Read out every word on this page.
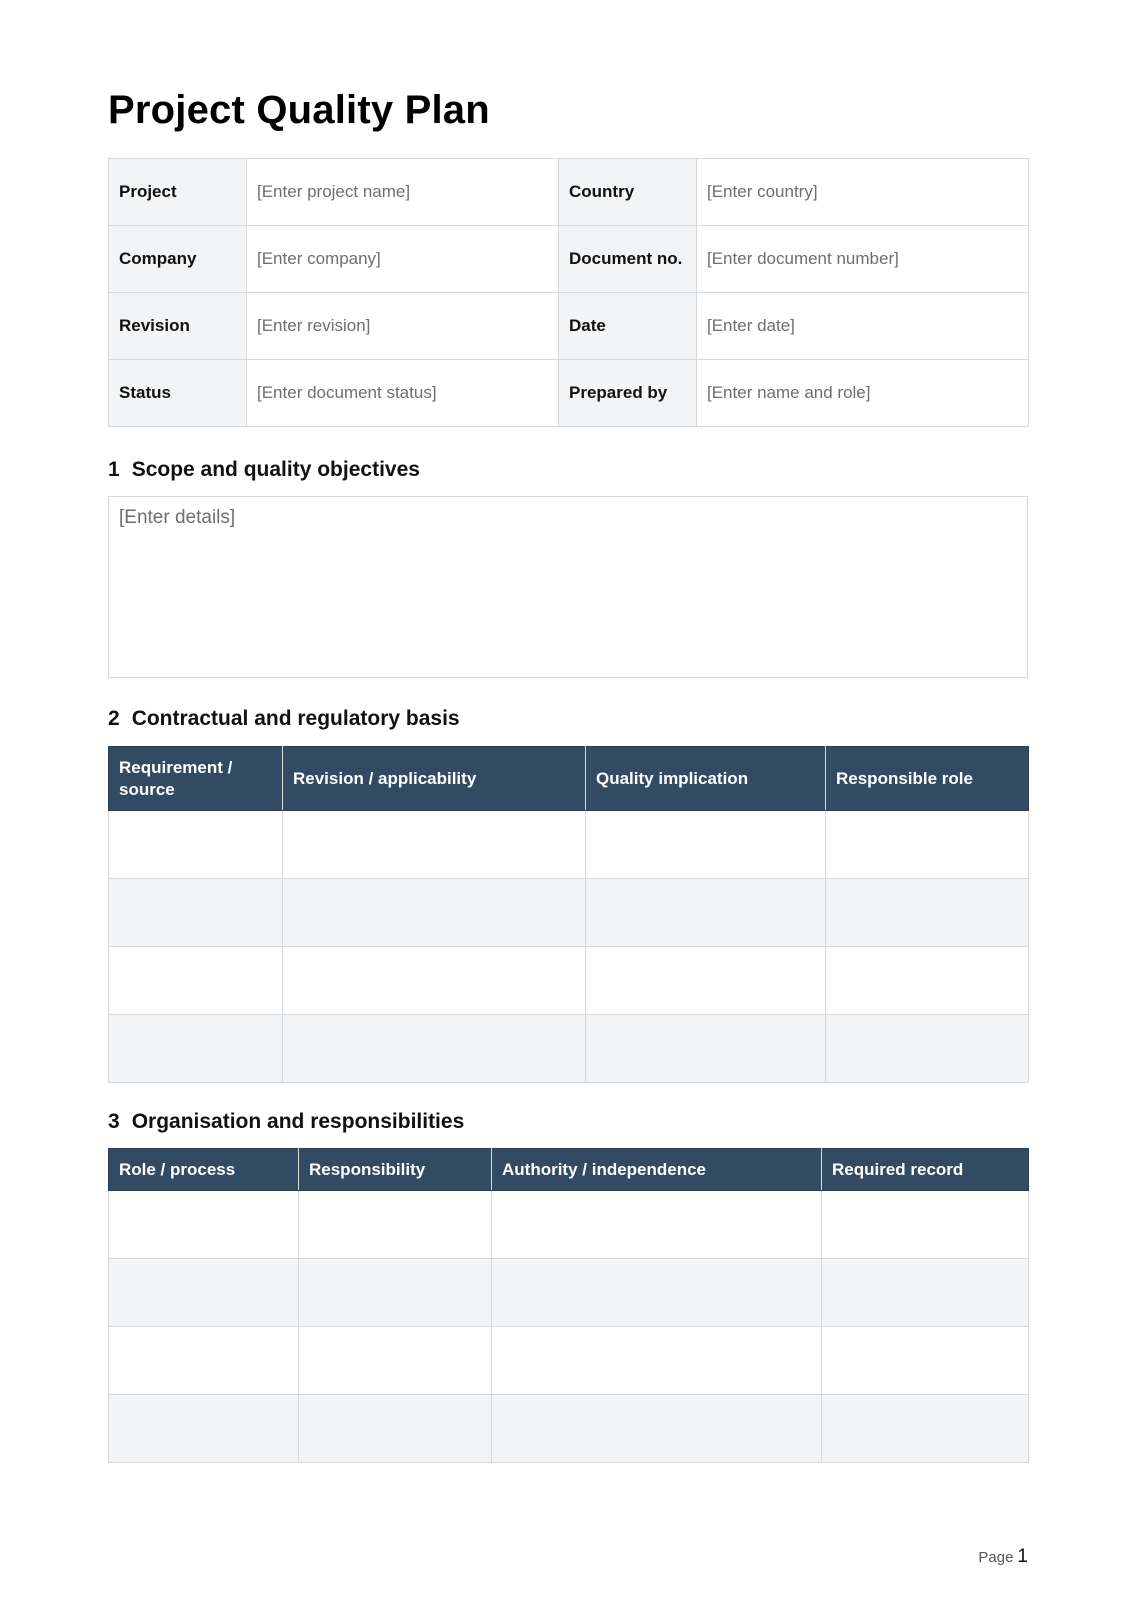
Project Quality Plan
Project	[Enter project name]	Country	[Enter country]
Company	[Enter company]	Document no.	[Enter document number]
Revision	[Enter revision]	Date	[Enter date]
Status	[Enter document status]	Prepared by	[Enter name and role]
1 Scope and quality objectives
[Enter details]
2 Contractual and regulatory basis
Requirement / source	Revision / applicability	Quality implication	Responsible role

3 Organisation and responsibilities
Role / process	Responsibility	Authority / independence	Required record

Page 1
